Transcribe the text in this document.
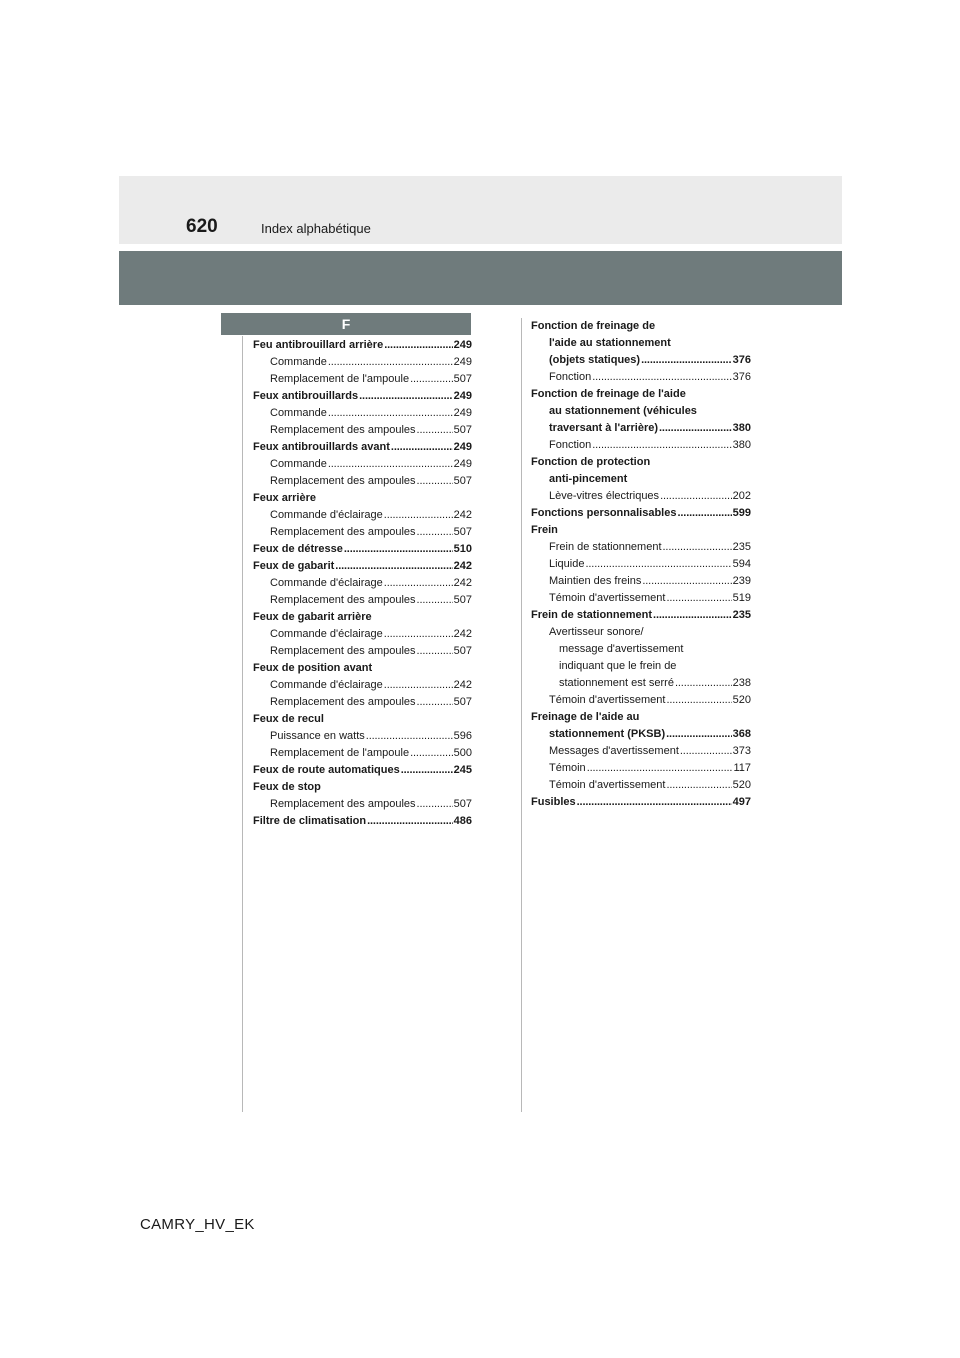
620	Index alphabétique
F
Feu antibrouillard arrière . . .	249
Commande . . .	249
Remplacement de l'ampoule . . .	507
Feux antibrouillards . . .	249
Commande . . .	249
Remplacement des ampoules . . .	507
Feux antibrouillards avant . . .	249
Commande . . .	249
Remplacement des ampoules . . .	507
Feux arrière
Commande d'éclairage . . .	242
Remplacement des ampoules . . .	507
Feux de détresse . . .	510
Feux de gabarit . . .	242
Commande d'éclairage . . .	242
Remplacement des ampoules . . .	507
Feux de gabarit arrière
Commande d'éclairage . . .	242
Remplacement des ampoules . . .	507
Feux de position avant
Commande d'éclairage . . .	242
Remplacement des ampoules . . .	507
Feux de recul
Puissance en watts . . .	596
Remplacement de l'ampoule . . .	500
Feux de route automatiques . . .	245
Feux de stop
Remplacement des ampoules . . .	507
Filtre de climatisation . . .	486
Fonction de freinage de
l'aide au stationnement
(objets statiques) . . .	376
Fonction . . .	376
Fonction de freinage de l'aide
au stationnement (véhicules
traversant à l'arrière) . . .	380
Fonction . . .	380
Fonction de protection
anti-pincement
Lève-vitres électriques . . .	202
Fonctions personnalisables . . .	599
Frein
Frein de stationnement . . .	235
Liquide . . .	594
Maintien des freins . . .	239
Témoin d'avertissement . . .	519
Frein de stationnement . . .	235
Avertisseur sonore/
message d'avertissement
indiquant que le frein de
stationnement est serré . . .	238
Témoin d'avertissement . . .	520
Freinage de l'aide au
stationnement (PKSB) . . .	368
Messages d'avertissement . . .	373
Témoin . . .	117
Témoin d'avertissement . . .	520
Fusibles . . .	497
CAMRY_HV_EK
